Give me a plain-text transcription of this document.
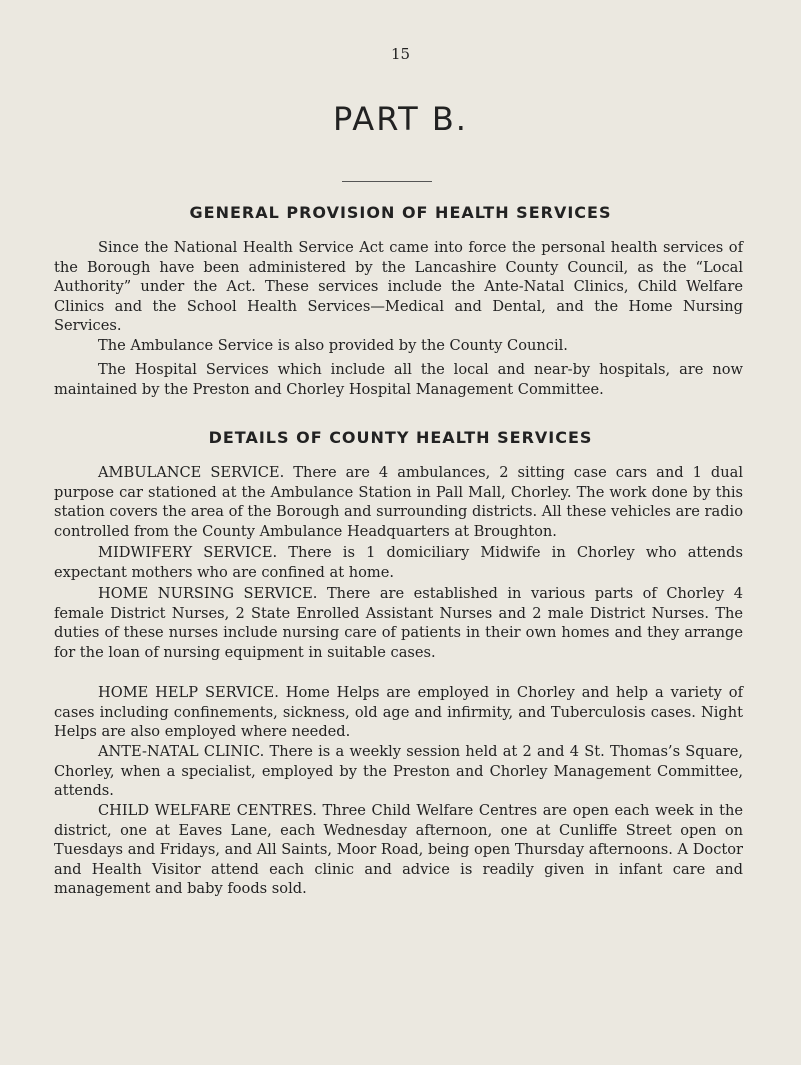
15
PART B.
GENERAL PROVISION OF HEALTH SERVICES

Since the National Health Service Act came into force the personal health services of the Borough have been administered by the Lancashire County Council, as the “Local Authority” under the Act. These services include the Ante-Natal Clinics, Child Welfare Clinics and the School Health Services—Medical and Dental, and the Home Nursing Services.

The Ambulance Service is also provided by the County Council.

The Hospital Services which include all the local and near-by hospitals, are now maintained by the Preston and Chorley Hospital Management Committee.

DETAILS OF COUNTY HEALTH SERVICES

AMBULANCE SERVICE. There are 4 ambulances, 2 sitting case cars and 1 dual purpose car stationed at the Ambulance Station in Pall Mall, Chorley. The work done by this station covers the area of the Borough and surrounding districts. All these vehicles are radio controlled from the County Ambulance Headquarters at Broughton.

MIDWIFERY SERVICE. There is 1 domiciliary Midwife in Chorley who attends expectant mothers who are confined at home.

HOME NURSING SERVICE. There are established in various parts of Chorley 4 female District Nurses, 2 State Enrolled Assistant Nurses and 2 male District Nurses. The duties of these nurses include nursing care of patients in their own homes and they arrange for the loan of nursing equipment in suitable cases.

HOME HELP SERVICE. Home Helps are employed in Chorley and help a variety of cases including confinements, sickness, old age and infirmity, and Tuberculosis cases. Night Helps are also employed where needed.

ANTE-NATAL CLINIC. There is a weekly session held at 2 and 4 St. Thomas’s Square, Chorley, when a specialist, employed by the Preston and Chorley Management Committee, attends.

CHILD WELFARE CENTRES. Three Child Welfare Centres are open each week in the district, one at Eaves Lane, each Wednesday afternoon, one at Cunliffe Street open on Tuesdays and Fridays, and All Saints, Moor Road, being open Thursday afternoons. A Doctor and Health Visitor attend each clinic and advice is readily given in infant care and management and baby foods sold.
